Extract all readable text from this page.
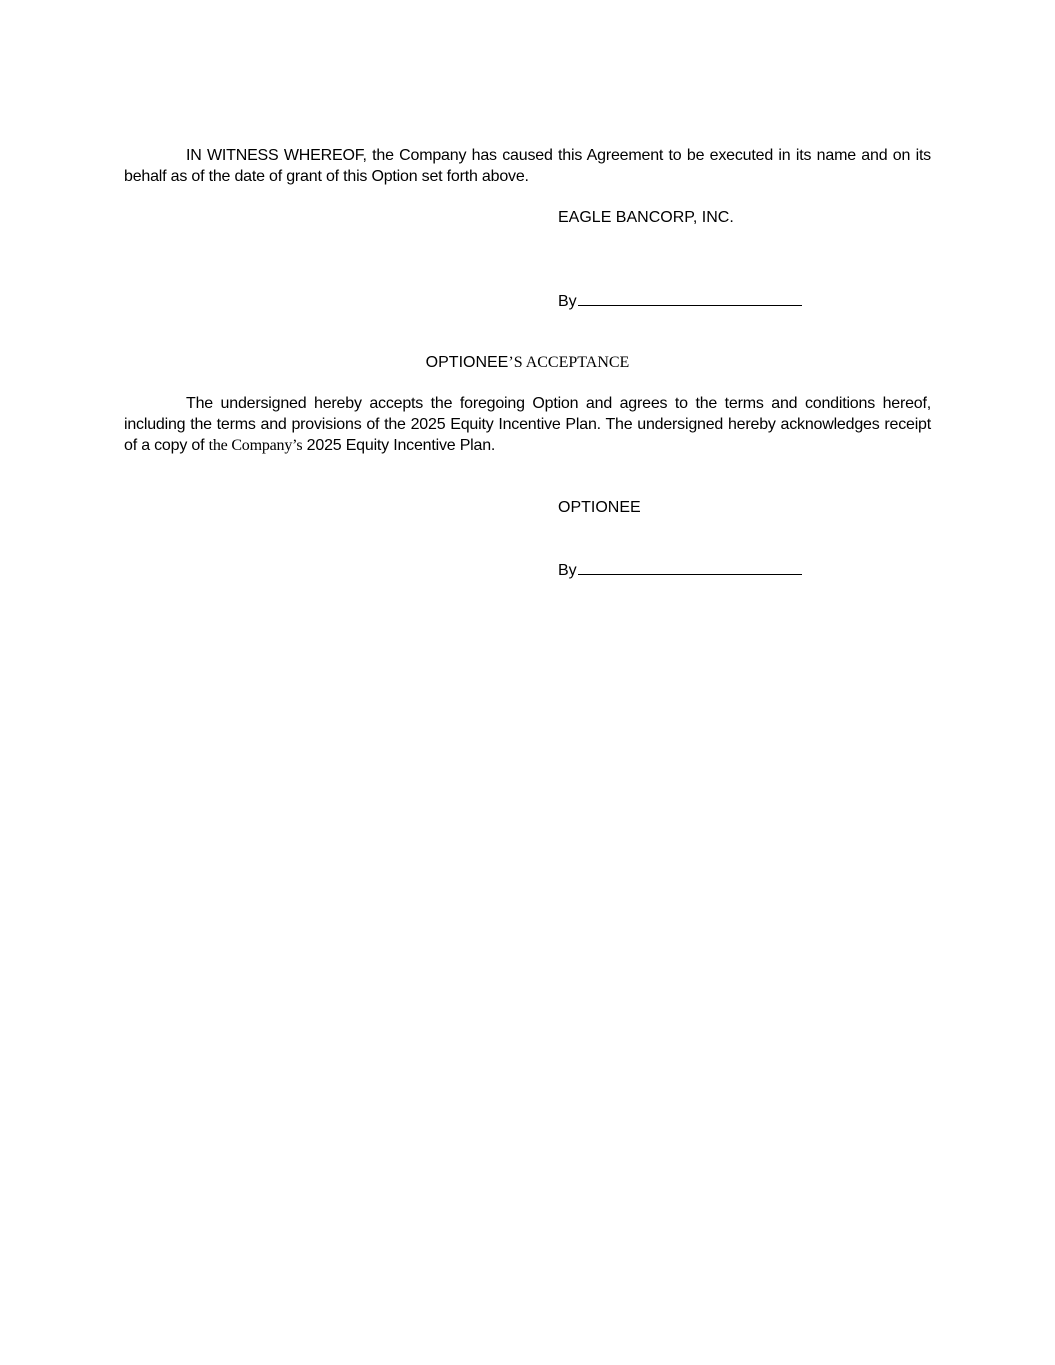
IN WITNESS WHEREOF, the Company has caused this Agreement to be executed in its name and on its behalf as of the date of grant of this Option set forth above.

EAGLE BANCORP, INC.

By

OPTIONEE’S ACCEPTANCE

The undersigned hereby accepts the foregoing Option and agrees to the terms and conditions hereof, including the terms and provisions of the 2025 Equity Incentive Plan. The undersigned hereby acknowledges receipt of a copy of the Company’s 2025 Equity Incentive Plan.

OPTIONEE

By
